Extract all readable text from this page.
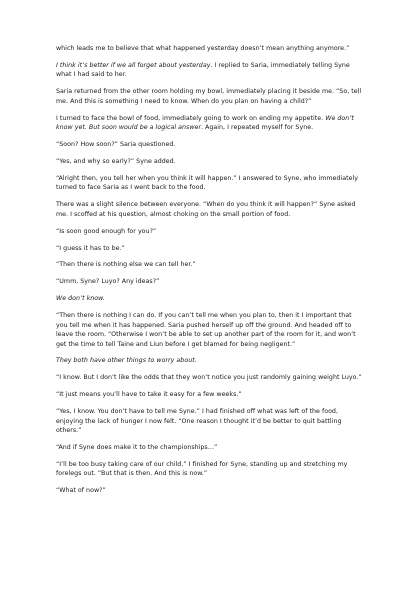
which leads me to believe that what happened yesterday doesn’t mean anything anymore.”

I think it’s better if we all forget about yesterday. I replied to Saria, immediately telling Syne what I had said to her.

Saria returned from the other room holding my bowl, immediately placing it beside me. “So, tell me. And this is something I need to know. When do you plan on having a child?”

I turned to face the bowl of food, immediately going to work on ending my appetite. We don’t know yet. But soon would be a logical answer. Again, I repeated myself for Syne.

“Soon? How soon?” Saria questioned.

“Yes, and why so early?” Syne added.

“Alright then, you tell her when you think it will happen.” I answered to Syne, who immediately turned to face Saria as I went back to the food.

There was a slight silence between everyone. “When do you think it will happen?” Syne asked me. I scoffed at his question, almost choking on the small portion of food.

“Is soon good enough for you?”

“I guess it has to be.”

“Then there is nothing else we can tell her.”

“Umm, Syne? Luyo? Any ideas?”

We don’t know.

“Then there is nothing I can do. If you can’t tell me when you plan to, then it I important that you tell me when it has happened. Saria pushed herself up off the ground. And headed off to leave the room. “Otherwise I won’t be able to set up another part of the room for it, and won’t get the time to tell Taine and Liun before I get blamed for being negligent.”

They both have other things to worry about.

“I know. But I don’t like the odds that they won’t notice you just randomly gaining weight Luyo.”

“It just means you’ll have to take it easy for a few weeks.”

“Yes, I know. You don’t have to tell me Syne.” I had finished off what was left of the food, enjoying the lack of hunger I now felt. “One reason I thought it’d be better to quit battling others.”

“And if Syne does make it to the championships…”

“I’ll be too busy taking care of our child.” I finished for Syne, standing up and stretching my forelegs out. “But that is then. And this is now.”

“What of now?”
